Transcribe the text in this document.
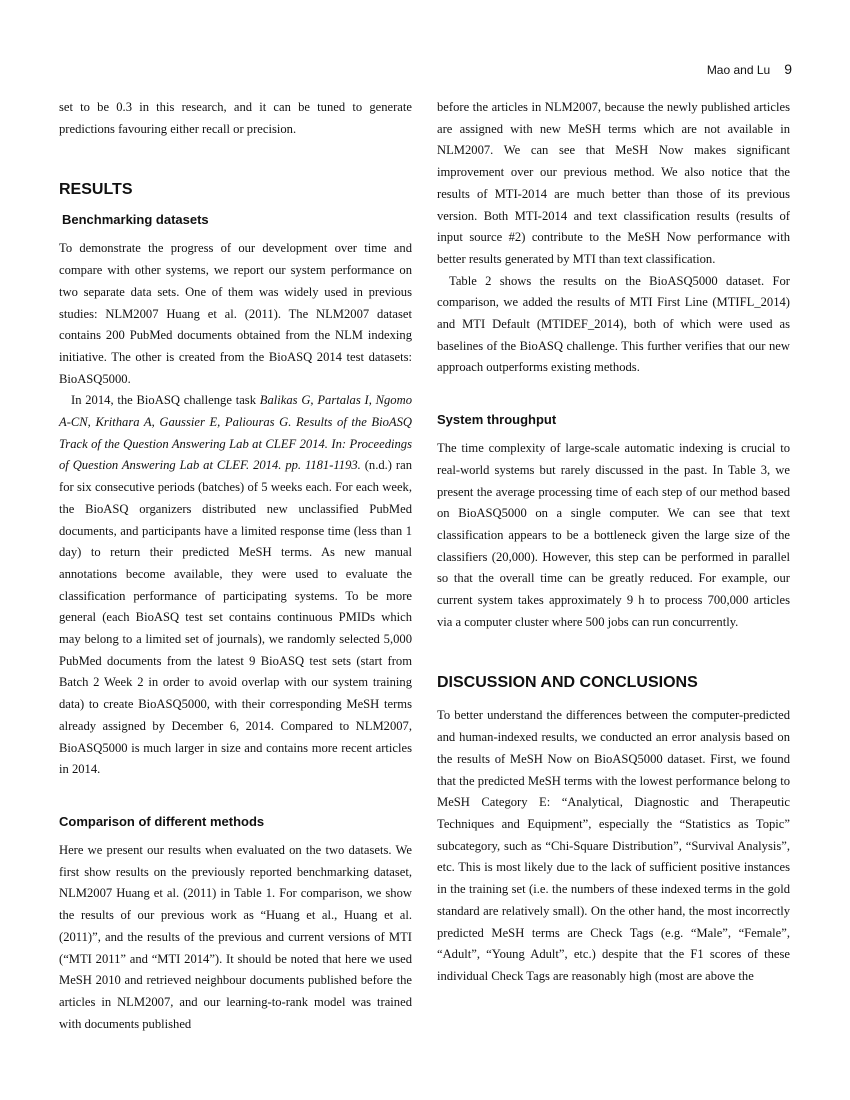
Mao and Lu 9

set to be 0.3 in this research, and it can be tuned to generate predictions favouring either recall or precision.

RESULTS
Benchmarking datasets

To demonstrate the progress of our development over time and compare with other systems, we report our system performance on two separate data sets. One of them was widely used in previous studies: NLM2007 Huang et al. (2011). The NLM2007 dataset contains 200 PubMed documents obtained from the NLM indexing initiative. The other is created from the BioASQ 2014 test datasets: BioASQ5000.

In 2014, the BioASQ challenge task Balikas G, Partalas I, Ngomo A-CN, Krithara A, Gaussier E, Paliouras G. Results of the BioASQ Track of the Question Answering Lab at CLEF 2014. In: Proceedings of Question Answering Lab at CLEF. 2014. pp. 1181-1193. (n.d.) ran for six consecutive periods (batches) of 5 weeks each. For each week, the BioASQ organizers distributed new unclassified PubMed documents, and participants have a limited response time (less than 1 day) to return their predicted MeSH terms. As new manual annotations become available, they were used to evaluate the classification performance of participating systems. To be more general (each BioASQ test set contains continuous PMIDs which may belong to a limited set of journals), we randomly selected 5,000 PubMed documents from the latest 9 BioASQ test sets (start from Batch 2 Week 2 in order to avoid overlap with our system training data) to create BioASQ5000, with their corresponding MeSH terms already assigned by December 6, 2014. Compared to NLM2007, BioASQ5000 is much larger in size and contains more recent articles in 2014.

Comparison of different methods

Here we present our results when evaluated on the two datasets. We first show results on the previously reported benchmarking dataset, NLM2007 Huang et al. (2011) in Table 1. For comparison, we show the results of our previous work as “Huang et al., Huang et al. (2011)”, and the results of the previous and current versions of MTI (“MTI 2011” and “MTI 2014”). It should be noted that here we used MeSH 2010 and retrieved neighbour documents published before the articles in NLM2007, and our learning-to-rank model was trained with documents published

before the articles in NLM2007, because the newly published articles are assigned with new MeSH terms which are not available in NLM2007. We can see that MeSH Now makes significant improvement over our previous method. We also notice that the results of MTI-2014 are much better than those of its previous version. Both MTI-2014 and text classification results (results of input source #2) contribute to the MeSH Now performance with better results generated by MTI than text classification.

Table 2 shows the results on the BioASQ5000 dataset. For comparison, we added the results of MTI First Line (MTIFL_2014) and MTI Default (MTIDEF_2014), both of which were used as baselines of the BioASQ challenge. This further verifies that our new approach outperforms existing methods.

System throughput

The time complexity of large-scale automatic indexing is crucial to real-world systems but rarely discussed in the past. In Table 3, we present the average processing time of each step of our method based on BioASQ5000 on a single computer. We can see that text classification appears to be a bottleneck given the large size of the classifiers (20,000). However, this step can be performed in parallel so that the overall time can be greatly reduced. For example, our current system takes approximately 9 h to process 700,000 articles via a computer cluster where 500 jobs can run concurrently.

DISCUSSION AND CONCLUSIONS

To better understand the differences between the computer-predicted and human-indexed results, we conducted an error analysis based on the results of MeSH Now on BioASQ5000 dataset. First, we found that the predicted MeSH terms with the lowest performance belong to MeSH Category E: “Analytical, Diagnostic and Therapeutic Techniques and Equipment”, especially the “Statistics as Topic” subcategory, such as “Chi-Square Distribution”, “Survival Analysis”, etc. This is most likely due to the lack of sufficient positive instances in the training set (i.e. the numbers of these indexed terms in the gold standard are relatively small). On the other hand, the most incorrectly predicted MeSH terms are Check Tags (e.g. “Male”, “Female”, “Adult”, “Young Adult”, etc.) despite that the F1 scores of these individual Check Tags are reasonably high (most are above the
